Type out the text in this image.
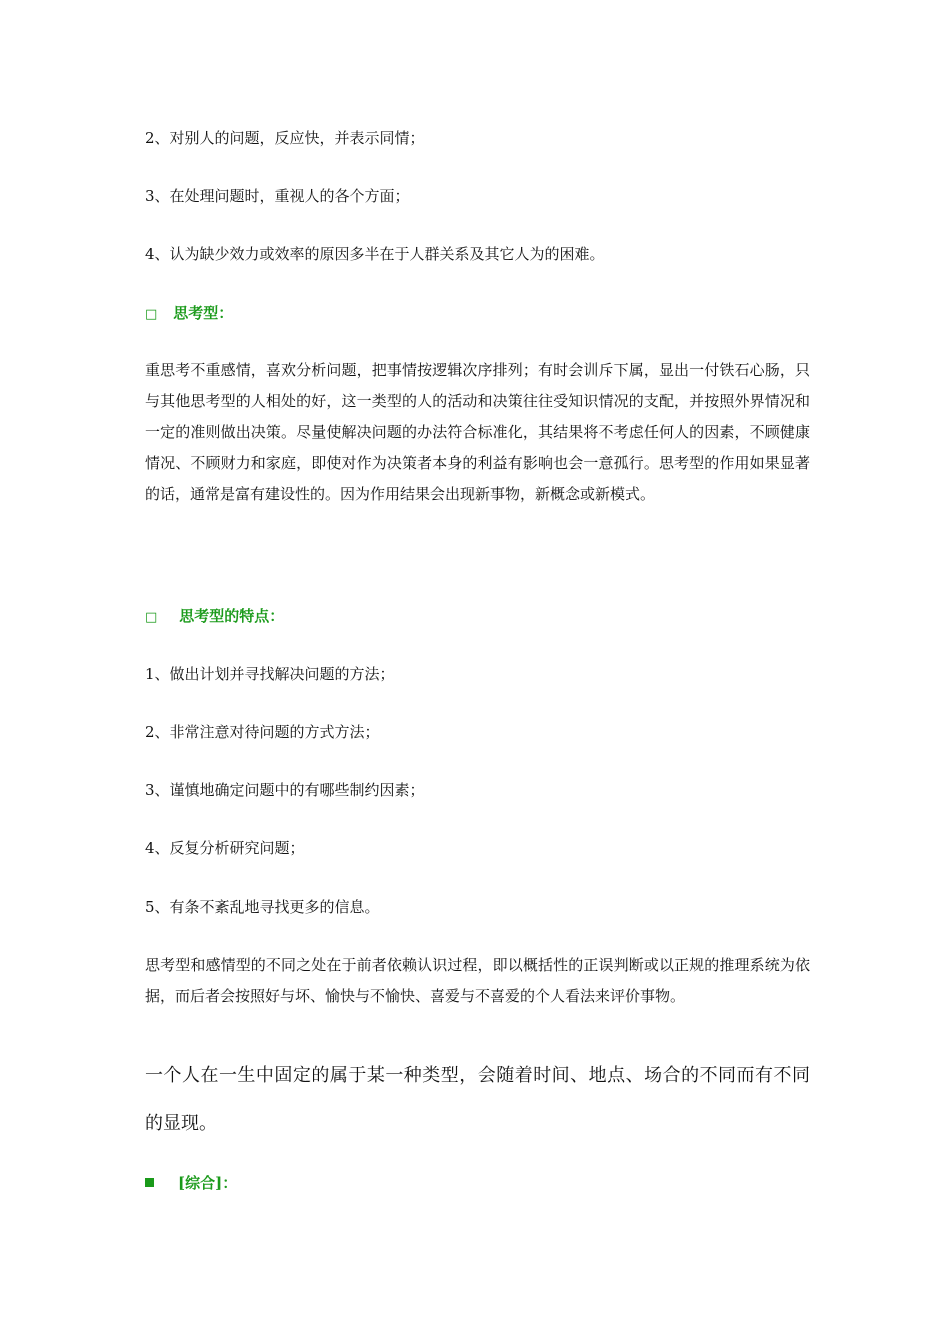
2、对别人的问题，反应快，并表示同情；
3、在处理问题时，重视人的各个方面；
4、认为缺少效力或效率的原因多半在于人群关系及其它人为的困难。
□ 思考型：
重思考不重感情，喜欢分析问题，把事情按逻辑次序排列；有时会训斥下属，显出一付铁石心肠，只与其他思考型的人相处的好，这一类型的人的活动和决策往往受知识情况的支配，并按照外界情况和一定的准则做出决策。尽量使解决问题的办法符合标准化，其结果将不考虑任何人的因素，不顾健康情况、不顾财力和家庭，即使对作为决策者本身的利益有影响也会一意孤行。思考型的作用如果显著的话，通常是富有建设性的。因为作用结果会出现新事物，新概念或新模式。
□ 思考型的特点：
1、做出计划并寻找解决问题的方法；
2、非常注意对待问题的方式方法；
3、谨慎地确定问题中的有哪些制约因素；
4、反复分析研究问题；
5、有条不紊乱地寻找更多的信息。
思考型和感情型的不同之处在于前者依赖认识过程，即以概括性的正误判断或以正规的推理系统为依据，而后者会按照好与坏、愉快与不愉快、喜爱与不喜爱的个人看法来评价事物。
一个人在一生中固定的属于某一种类型，会随着时间、地点、场合的不同而有不同的显现。
[综合]：
